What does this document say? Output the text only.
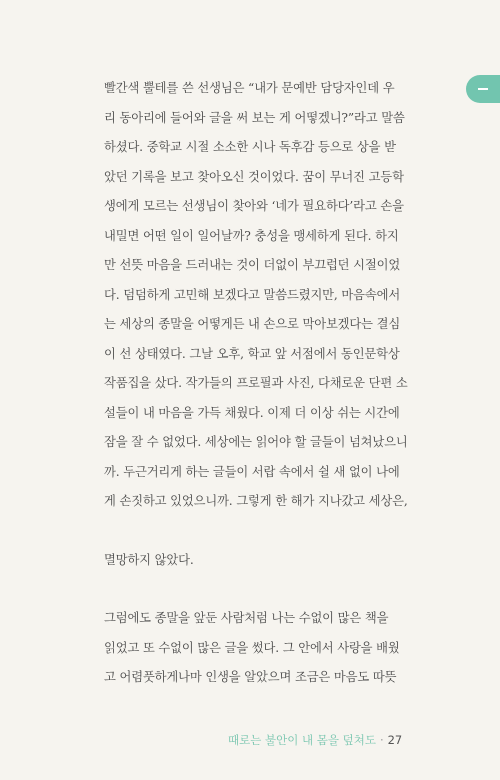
빨간색 뿔테를 쓴 선생님은 “내가 문예반 담당자인데 우
리 동아리에 들어와 글을 써 보는 게 어떻겠니?”라고 말씀
하셨다. 중학교 시절 소소한 시나 독후감 등으로 상을 받
았던 기록을 보고 찾아오신 것이었다. 꿈이 무너진 고등학
생에게 모르는 선생님이 찾아와 ‘네가 필요하다’라고 손을
내밀면 어떤 일이 일어날까? 충성을 맹세하게 된다. 하지
만 선뜻 마음을 드러내는 것이 더없이 부끄럽던 시절이었
다. 덤덤하게 고민해 보겠다고 말씀드렸지만, 마음속에서
는 세상의 종말을 어떻게든 내 손으로 막아보겠다는 결심
이 선 상태였다. 그날 오후, 학교 앞 서점에서 동인문학상
작품집을 샀다. 작가들의 프로필과 사진, 다채로운 단편 소
설들이 내 마음을 가득 채웠다. 이제 더 이상 쉬는 시간에
잠을 잘 수 없었다. 세상에는 읽어야 할 글들이 넘쳐났으니
까. 두근거리게 하는 글들이 서랍 속에서 쉴 새 없이 나에
게 손짓하고 있었으니까. 그렇게 한 해가 지나갔고 세상은,

멸망하지 않았다.

그럼에도 종말을 앞둔 사람처럼 나는 수없이 많은 책을
읽었고 또 수없이 많은 글을 썼다. 그 안에서 사랑을 배웠
고 어렴풋하게나마 인생을 알았으며 조금은 마음도 따뜻

때로는 불안이 내 몸을 덮쳐도 · 27
